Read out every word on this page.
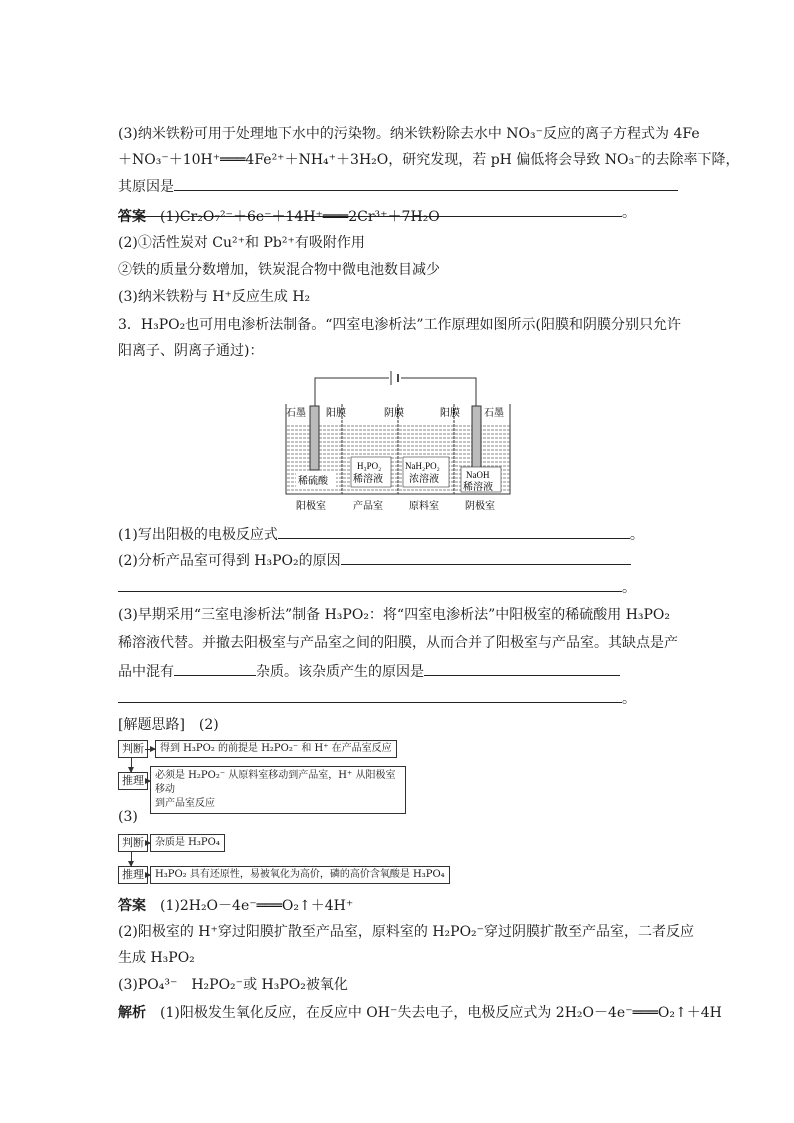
(3)纳米铁粉可用于处理地下水中的污染物。纳米铁粉除去水中 NO₃⁻反应的离子方程式为 4Fe
＋NO₃⁻＋10H⁺═══4Fe²⁺＋NH₄⁺＋3H₂O，研究发现，若 pH 偏低将会导致 NO₃⁻的去除率下降，
其原因是
。
答案　 (1)Cr₂O₇²⁻＋6e⁻＋14H⁺═══2Cr³⁺＋7H₂O
(2)①活性炭对 Cu²⁺和 Pb²⁺有吸附作用
②铁的质量分数增加，铁炭混合物中微电池数目减少
(3)纳米铁粉与 H⁺反应生成 H₂
3．H₃PO₂也可用电渗析法制备。“四室电渗析法”工作原理如图所示(阳膜和阴膜分别只允许
阳离子、阴离子通过)：
石墨 阳膜	阴膜	阳膜 石墨
稀硫酸
H₃PO₂
稀溶液
NaH₂PO₂
浓溶液	NaOH
稀溶液
阳极室	产品室	原料室	阴极室
(1)写出阳极的电极反应式	。
(2)分析产品室可得到 H₃PO₂的原因
。
(3)早期采用“三室电渗析法”制备 H₃PO₂：将“四室电渗析法”中阳极室的稀硫酸用 H₃PO₂
稀溶液代替。并撤去阳极室与产品室之间的阳膜，从而合并了阳极室与产品室。其缺点是产
品中混有	杂质。该杂质产生的原因是
。
[解题思路]　(2)
判断	得到 H₃PO₂ 的前提是 H₂PO₂⁻ 和 H⁺ 在产品室反应
推理	必须是 H₂PO₂⁻ 从原料室移动到产品室，H⁺ 从阳极室移动
到产品室反应
(3)
判断	杂质是 H₃PO₄
推理	H₃PO₂ 具有还原性，易被氧化为高价，磷的高价含氧酸是 H₃PO₄
答案　 (1)2H₂O－4e⁻═══O₂↑＋4H⁺
(2)阳极室的 H⁺穿过阳膜扩散至产品室，原料室的 H₂PO₂⁻穿过阴膜扩散至产品室，二者反应
生成 H₃PO₂
(3)PO₄³⁻　H₂PO₂⁻或 H₃PO₂被氧化
解析　 (1)阳极发生氧化反应，在反应中 OH⁻失去电子，电极反应式为 2H₂O－4e⁻═══O₂↑＋4H
